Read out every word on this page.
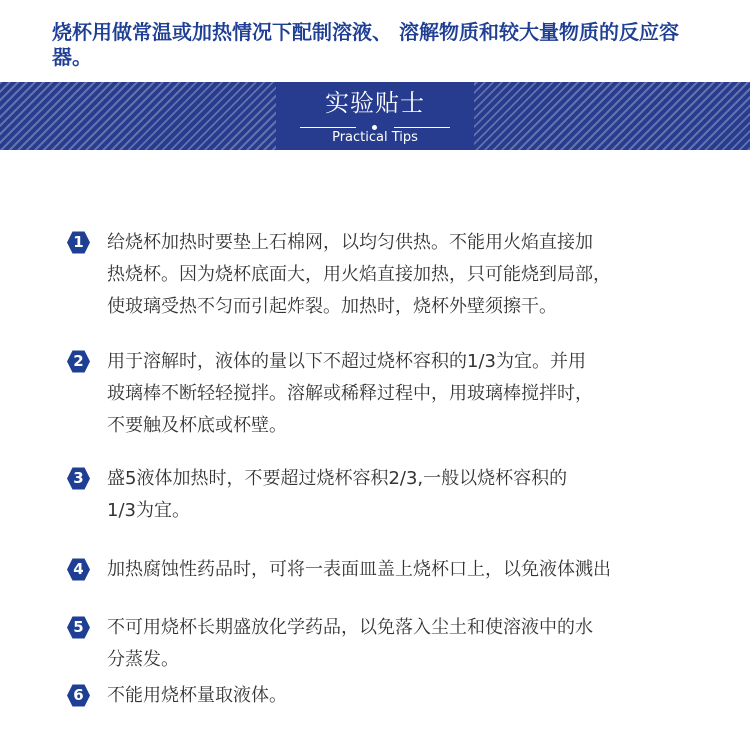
烧杯用做常温或加热情况下配制溶液、 溶解物质和较大量物质的反应容器。

实验贴士
Practical Tips
1	给烧杯加热时要垫上石棉网，以均匀供热。不能用火焰直接加
热烧杯。因为烧杯底面大，用火焰直接加热，只可能烧到局部，
使玻璃受热不匀而引起炸裂。加热时，烧杯外壁须擦干。

2	用于溶解时，液体的量以下不超过烧杯容积的1/3为宜。并用
玻璃棒不断轻轻搅拌。溶解或稀释过程中，用玻璃棒搅拌时，
不要触及杯底或杯壁。

3	盛5液体加热时，不要超过烧杯容积2/3,一般以烧杯容积的
1/3为宜。

4	加热腐蚀性药品时，可将一表面皿盖上烧杯口上，以免液体溅出

5	不可用烧杯长期盛放化学药品，以免落入尘土和使溶液中的水
分蒸发。

6	不能用烧杯量取液体。
